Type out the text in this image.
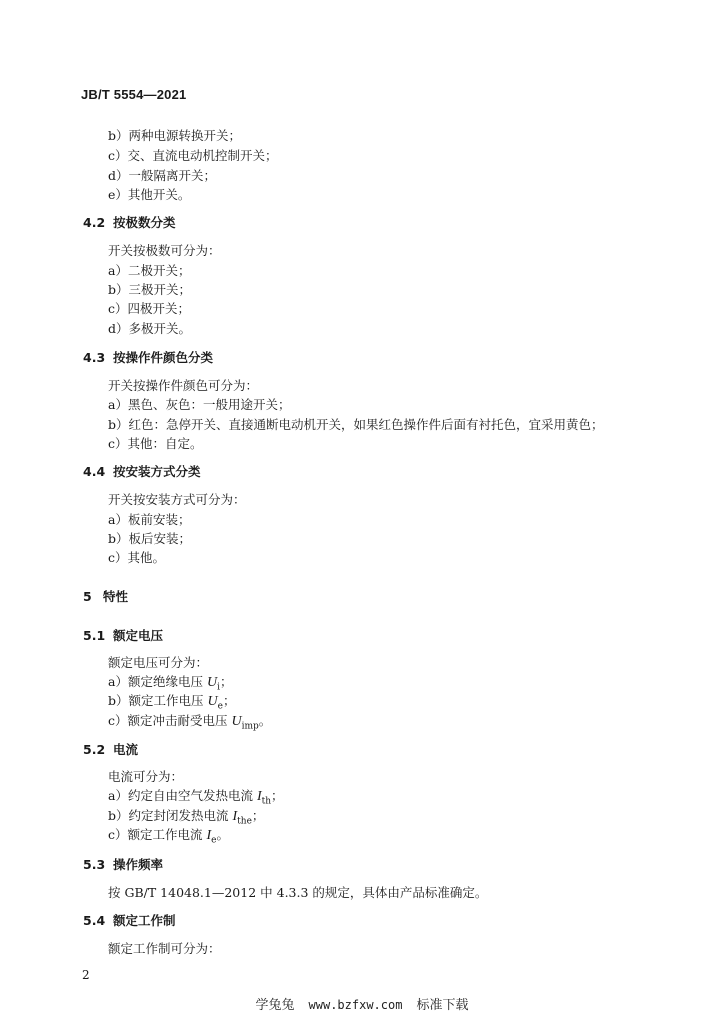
JB/T 5554—2021
b）两种电源转换开关；
c）交、直流电动机控制开关；
d）一般隔离开关；
e）其他开关。
4.2 按极数分类
开关按极数可分为：
a）二极开关；
b）三极开关；
c）四极开关；
d）多极开关。
4.3 按操作件颜色分类
开关按操作件颜色可分为：
a）黑色、灰色：一般用途开关；
b）红色：急停开关、直接通断电动机开关，如果红色操作件后面有衬托色，宜采用黄色；
c）其他：自定。
4.4 按安装方式分类
开关按安装方式可分为：
a）板前安装；
b）板后安装；
c）其他。
5 特性
5.1 额定电压
额定电压可分为：
a）额定绝缘电压 $U_i$；
b）额定工作电压 $U_e$；
c）额定冲击耐受电压 $U_{imp}$。
5.2 电流
电流可分为：
a）约定自由空气发热电流 $I_{th}$；
b）约定封闭发热电流 $I_{the}$；
c）额定工作电流 $I_e$。
5.3 操作频率
按 GB/T 14048.1—2012 中 4.3.3 的规定，具体由产品标准确定。
5.4 额定工作制
额定工作制可分为：
2
学兔兔 www.bzfxw.com 标准下载
